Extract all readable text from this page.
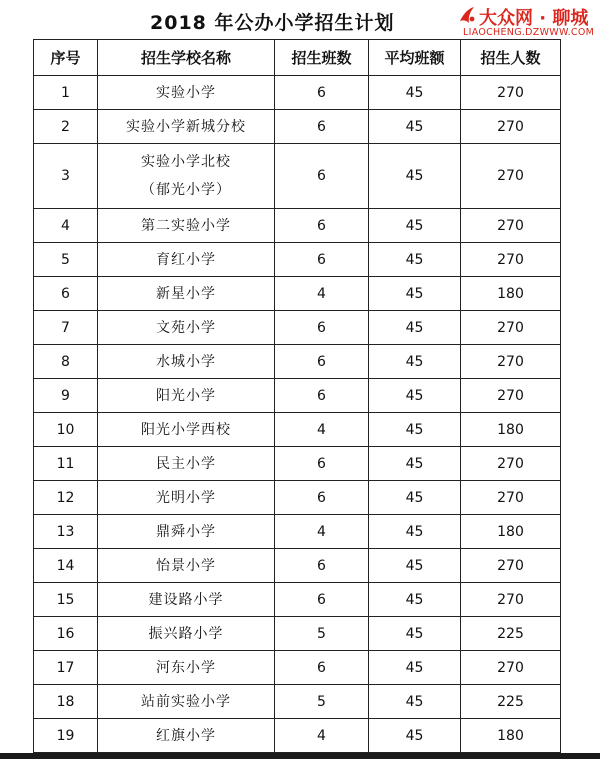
2018 年公办小学招生计划	大众网 · 聊城
LIAOCHENG.DZWWW.COM
序号	招生学校名称	招生班数	平均班额	招生人数
1	实验小学	6	45	270
2	实验小学新城分校	6	45	270
3	实验小学北校
（郁光小学）	6	45	270
4	第二实验小学	6	45	270
5	育红小学	6	45	270
6	新星小学	4	45	180
7	文苑小学	6	45	270
8	水城小学	6	45	270
9	阳光小学	6	45	270
10	阳光小学西校	4	45	180
11	民主小学	6	45	270
12	光明小学	6	45	270
13	鼎舜小学	4	45	180
14	怡景小学	6	45	270
15	建设路小学	6	45	270
16	振兴路小学	5	45	225
17	河东小学	6	45	270
18	站前实验小学	5	45	225
19	红旗小学	4	45	180
